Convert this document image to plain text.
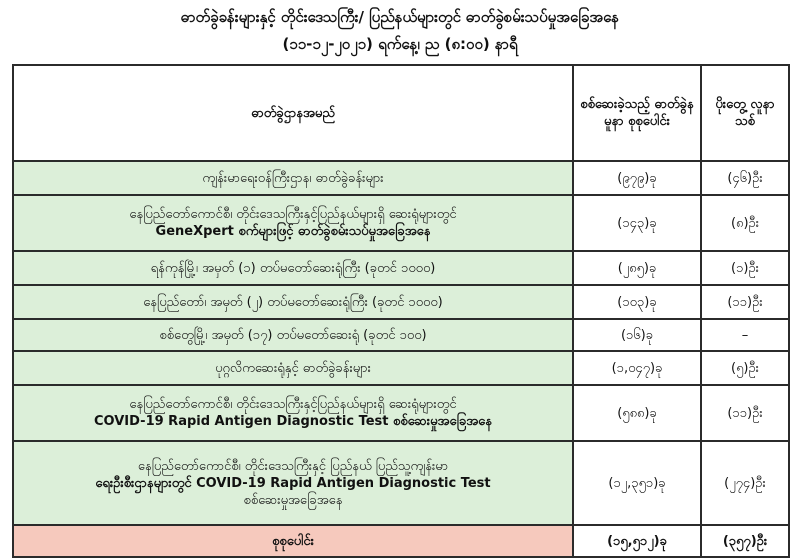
ဓာတ်ခွဲခန်းများနှင့် တိုင်းဒေသကြီး/ ပြည်နယ်များတွင် ဓာတ်ခွဲစမ်းသပ်မှုအခြေအနေ
(၁၁-၁၂-၂၀၂၁) ရက်နေ့၊ ည (၈:၀၀) နာရီ
ဓာတ်ခွဲဌာနအမည်	စစ်ဆေးခဲ့သည့် ဓာတ်ခွဲနမူနာ စုစုပေါင်း	ပိုးတွေ့ လူနာသစ်
ကျန်းမာရေးဝန်ကြီးဌာန၊ ဓာတ်ခွဲခန်းများ	(၉၇၉)ခု	(၄၆)ဦး

နေပြည်တော်ကောင်စီ၊ တိုင်းဒေသကြီးနှင့်ပြည်နယ်များရှိ ဆေးရုံများတွင်
GeneXpert စက်များဖြင့် ဓာတ်ခွဲစမ်းသပ်မှုအခြေအနေ	(၁၄၃)ခု	(၈)ဦး
ရန်ကုန်မြို့၊ အမှတ် (၁) တပ်မတော်ဆေးရုံကြီး (ခုတင် ၁၀၀၀)	(၂၈၅)ခု	(၁)ဦး
နေပြည်တော်၊ အမှတ် (၂) တပ်မတော်ဆေးရုံကြီး (ခုတင် ၁၀၀၀)	(၁၀၃)ခု	(၁၁)ဦး
စစ်တွေမြို့၊ အမှတ် (၁၇) တပ်မတော်ဆေးရုံ (ခုတင် ၁၀၀)	(၁၆)ခု	–
ပုဂ္ဂလိကဆေးရုံနှင့် ဓာတ်ခွဲခန်းများ	(၁,၀၄၇)ခု	(၅)ဦး

နေပြည်တော်ကောင်စီ၊ တိုင်းဒေသကြီးနှင့်ပြည်နယ်များရှိ ဆေးရုံများတွင်
COVID-19 Rapid Antigen Diagnostic Test စစ်ဆေးမှုအခြေအနေ	(၅၈၈)ခု	(၁၁)ဦး

နေပြည်တော်ကောင်စီ၊ တိုင်းဒေသကြီးနှင့် ပြည်နယ် ပြည်သူ့ကျန်းမာ
ရေးဦးစီးဌာနများတွင် COVID-19 Rapid Antigen Diagnostic Test
စစ်ဆေးမှုအခြေအနေ	(၁၂,၃၅၁)ခု	(၂၇၄)ဦး
စုစုပေါင်း	(၁၅,၅၁၂)ခု	(၃၅၇)ဦး
